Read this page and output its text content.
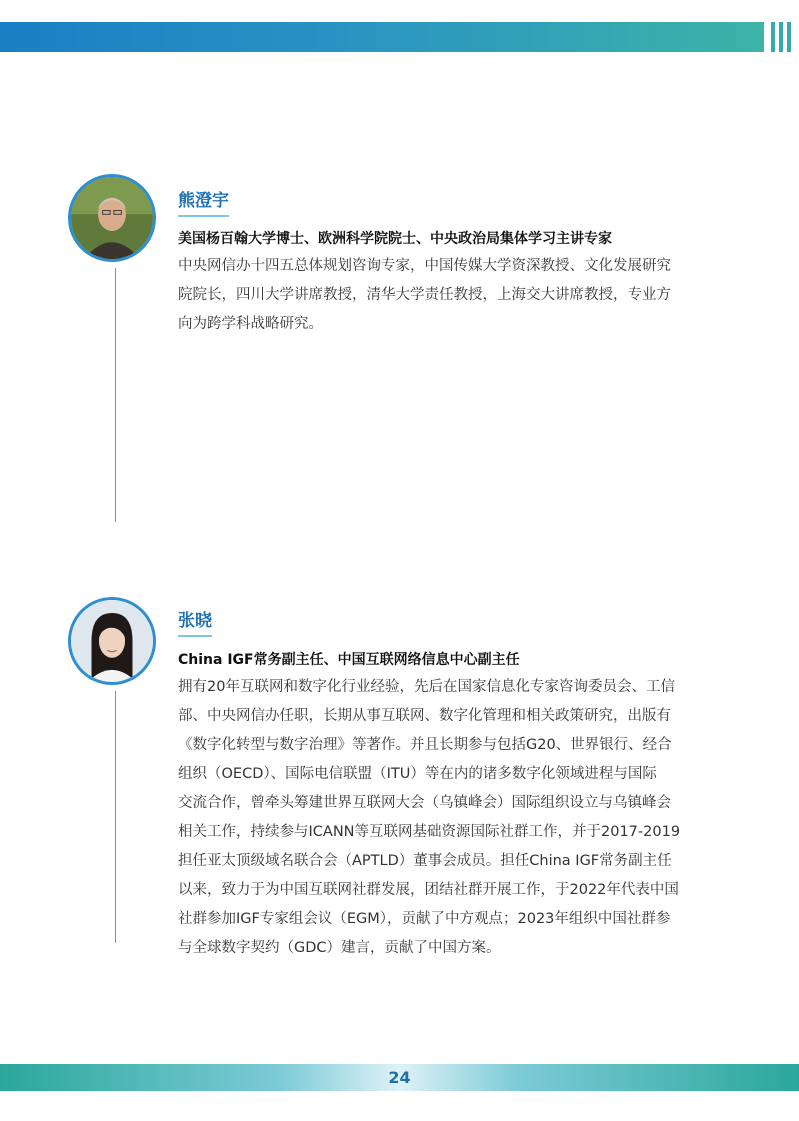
熊澄宇
美国杨百翰大学博士、欧洲科学院院士、中央政治局集体学习主讲专家

中央网信办十四五总体规划咨询专家，中国传媒大学资深教授、文化发展研究
院院长，四川大学讲席教授，清华大学责任教授，上海交大讲席教授，专业方
向为跨学科战略研究。

张晓
China IGF常务副主任、中国互联网络信息中心副主任

拥有20年互联网和数字化行业经验，先后在国家信息化专家咨询委员会、工信
部、中央网信办任职，长期从事互联网、数字化管理和相关政策研究，出版有
《数字化转型与数字治理》等著作。并且长期参与包括G20、世界银行、经合
组织（OECD）、国际电信联盟（ITU）等在内的诸多数字化领域进程与国际
交流合作，曾牵头筹建世界互联网大会（乌镇峰会）国际组织设立与乌镇峰会
相关工作，持续参与ICANN等互联网基础资源国际社群工作，并于2017-2019
担任亚太顶级域名联合会（APTLD）董事会成员。担任China IGF常务副主任
以来，致力于为中国互联网社群发展，团结社群开展工作，于2022年代表中国
社群参加IGF专家组会议（EGM），贡献了中方观点；2023年组织中国社群参
与全球数字契约（GDC）建言，贡献了中国方案。

24
